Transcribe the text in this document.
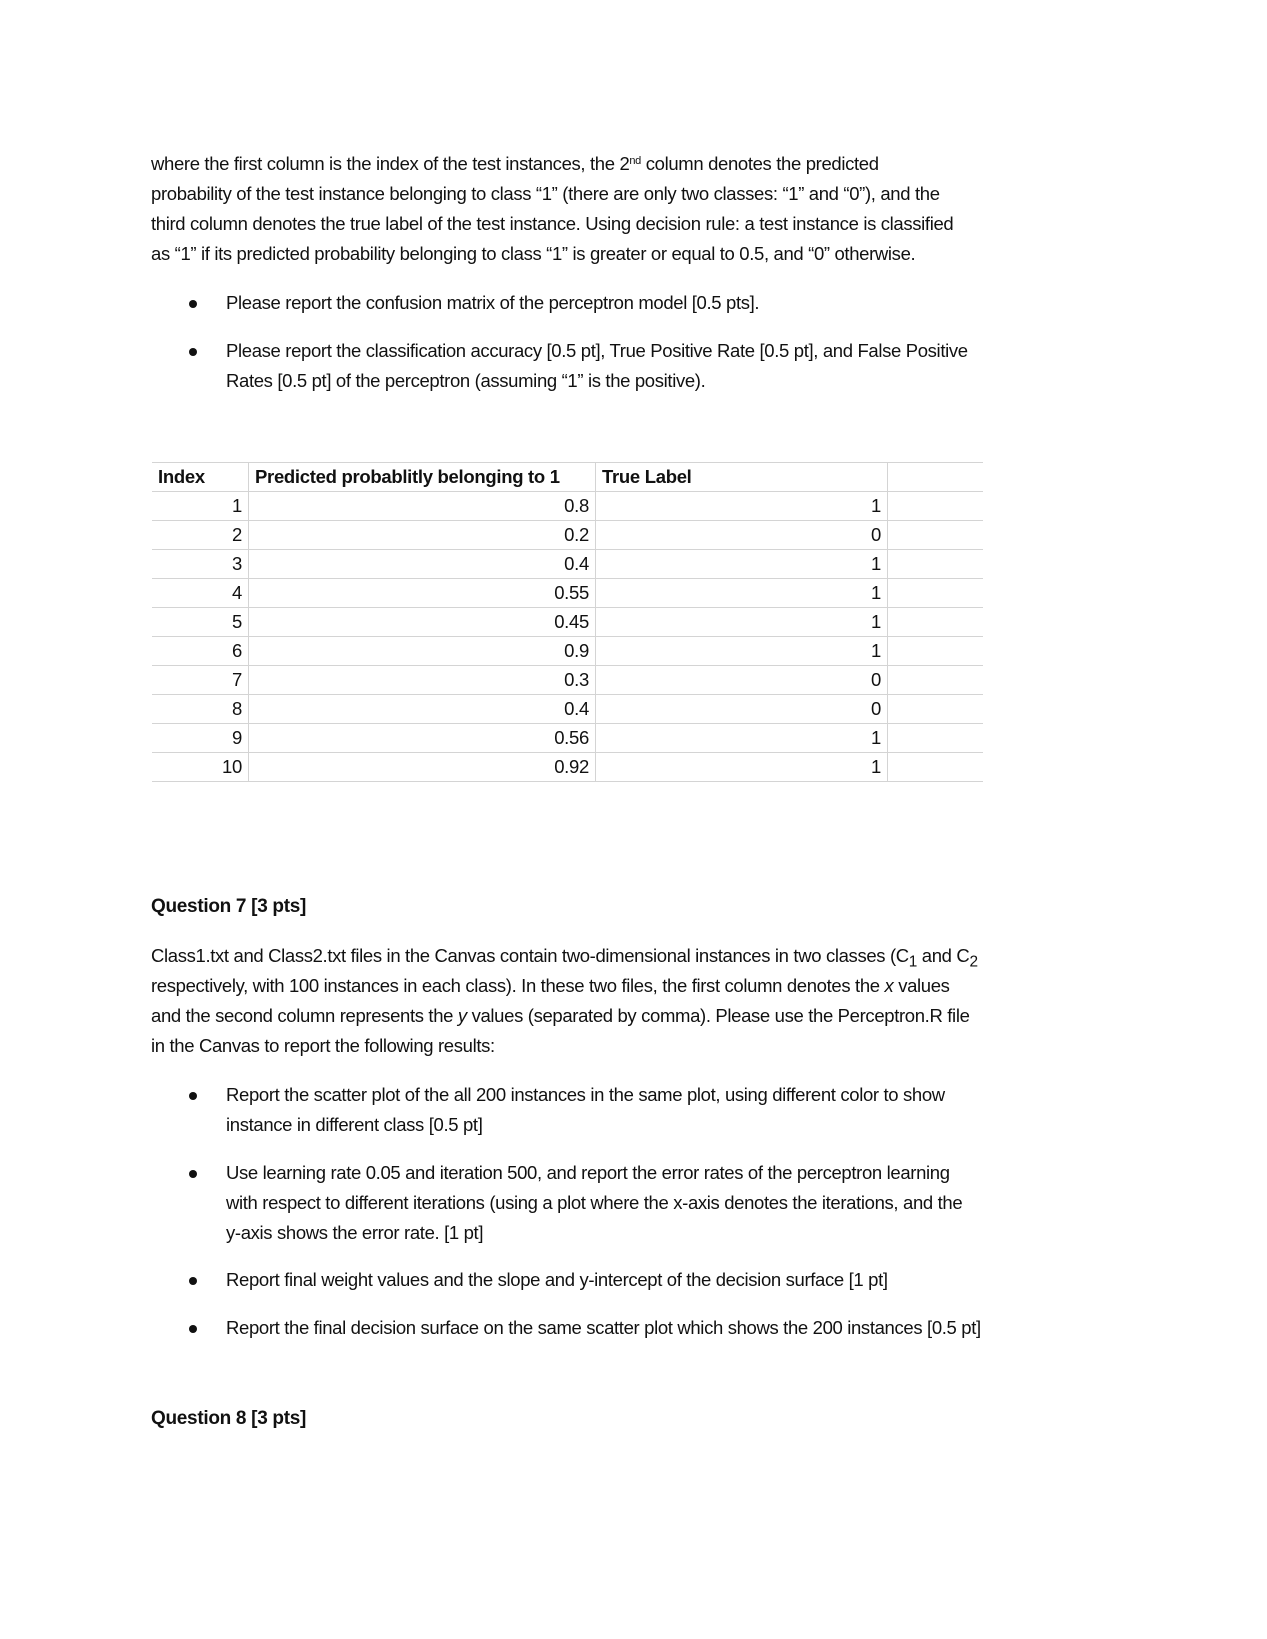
where the first column is the index of the test instances, the 2nd column denotes the predicted
probability of the test instance belonging to class “1” (there are only two classes: “1” and “0”), and the
third column denotes the true label of the test instance. Using decision rule: a test instance is classified
as “1” if its predicted probability belonging to class “1” is greater or equal to 0.5, and “0” otherwise.
Please report the confusion matrix of the perceptron model [0.5 pts].
Please report the classification accuracy [0.5 pt], True Positive Rate [0.5 pt], and False Positive
Rates [0.5 pt] of the perceptron (assuming “1” is the positive).
Index	Predicted probablitly belonging to 1	True Label	
1	0.8	1	
2	0.2	0	
3	0.4	1	
4	0.55	1	
5	0.45	1	
6	0.9	1	
7	0.3	0	
8	0.4	0	
9	0.56	1	
10	0.92	1	
Question 7 [3 pts]
Class1.txt and Class2.txt files in the Canvas contain two-dimensional instances in two classes ($C_1$ and $C_2$
respectively, with 100 instances in each class). In these two files, the first column denotes the x values
and the second column represents the y values (separated by comma). Please use the Perceptron.R file
in the Canvas to report the following results:
Report the scatter plot of the all 200 instances in the same plot, using different color to show
instance in different class [0.5 pt]
Use learning rate 0.05 and iteration 500, and report the error rates of the perceptron learning
with respect to different iterations (using a plot where the x-axis denotes the iterations, and the
y-axis shows the error rate. [1 pt]
Report final weight values and the slope and y-intercept of the decision surface [1 pt]
Report the final decision surface on the same scatter plot which shows the 200 instances [0.5 pt]
Question 8 [3 pts]
